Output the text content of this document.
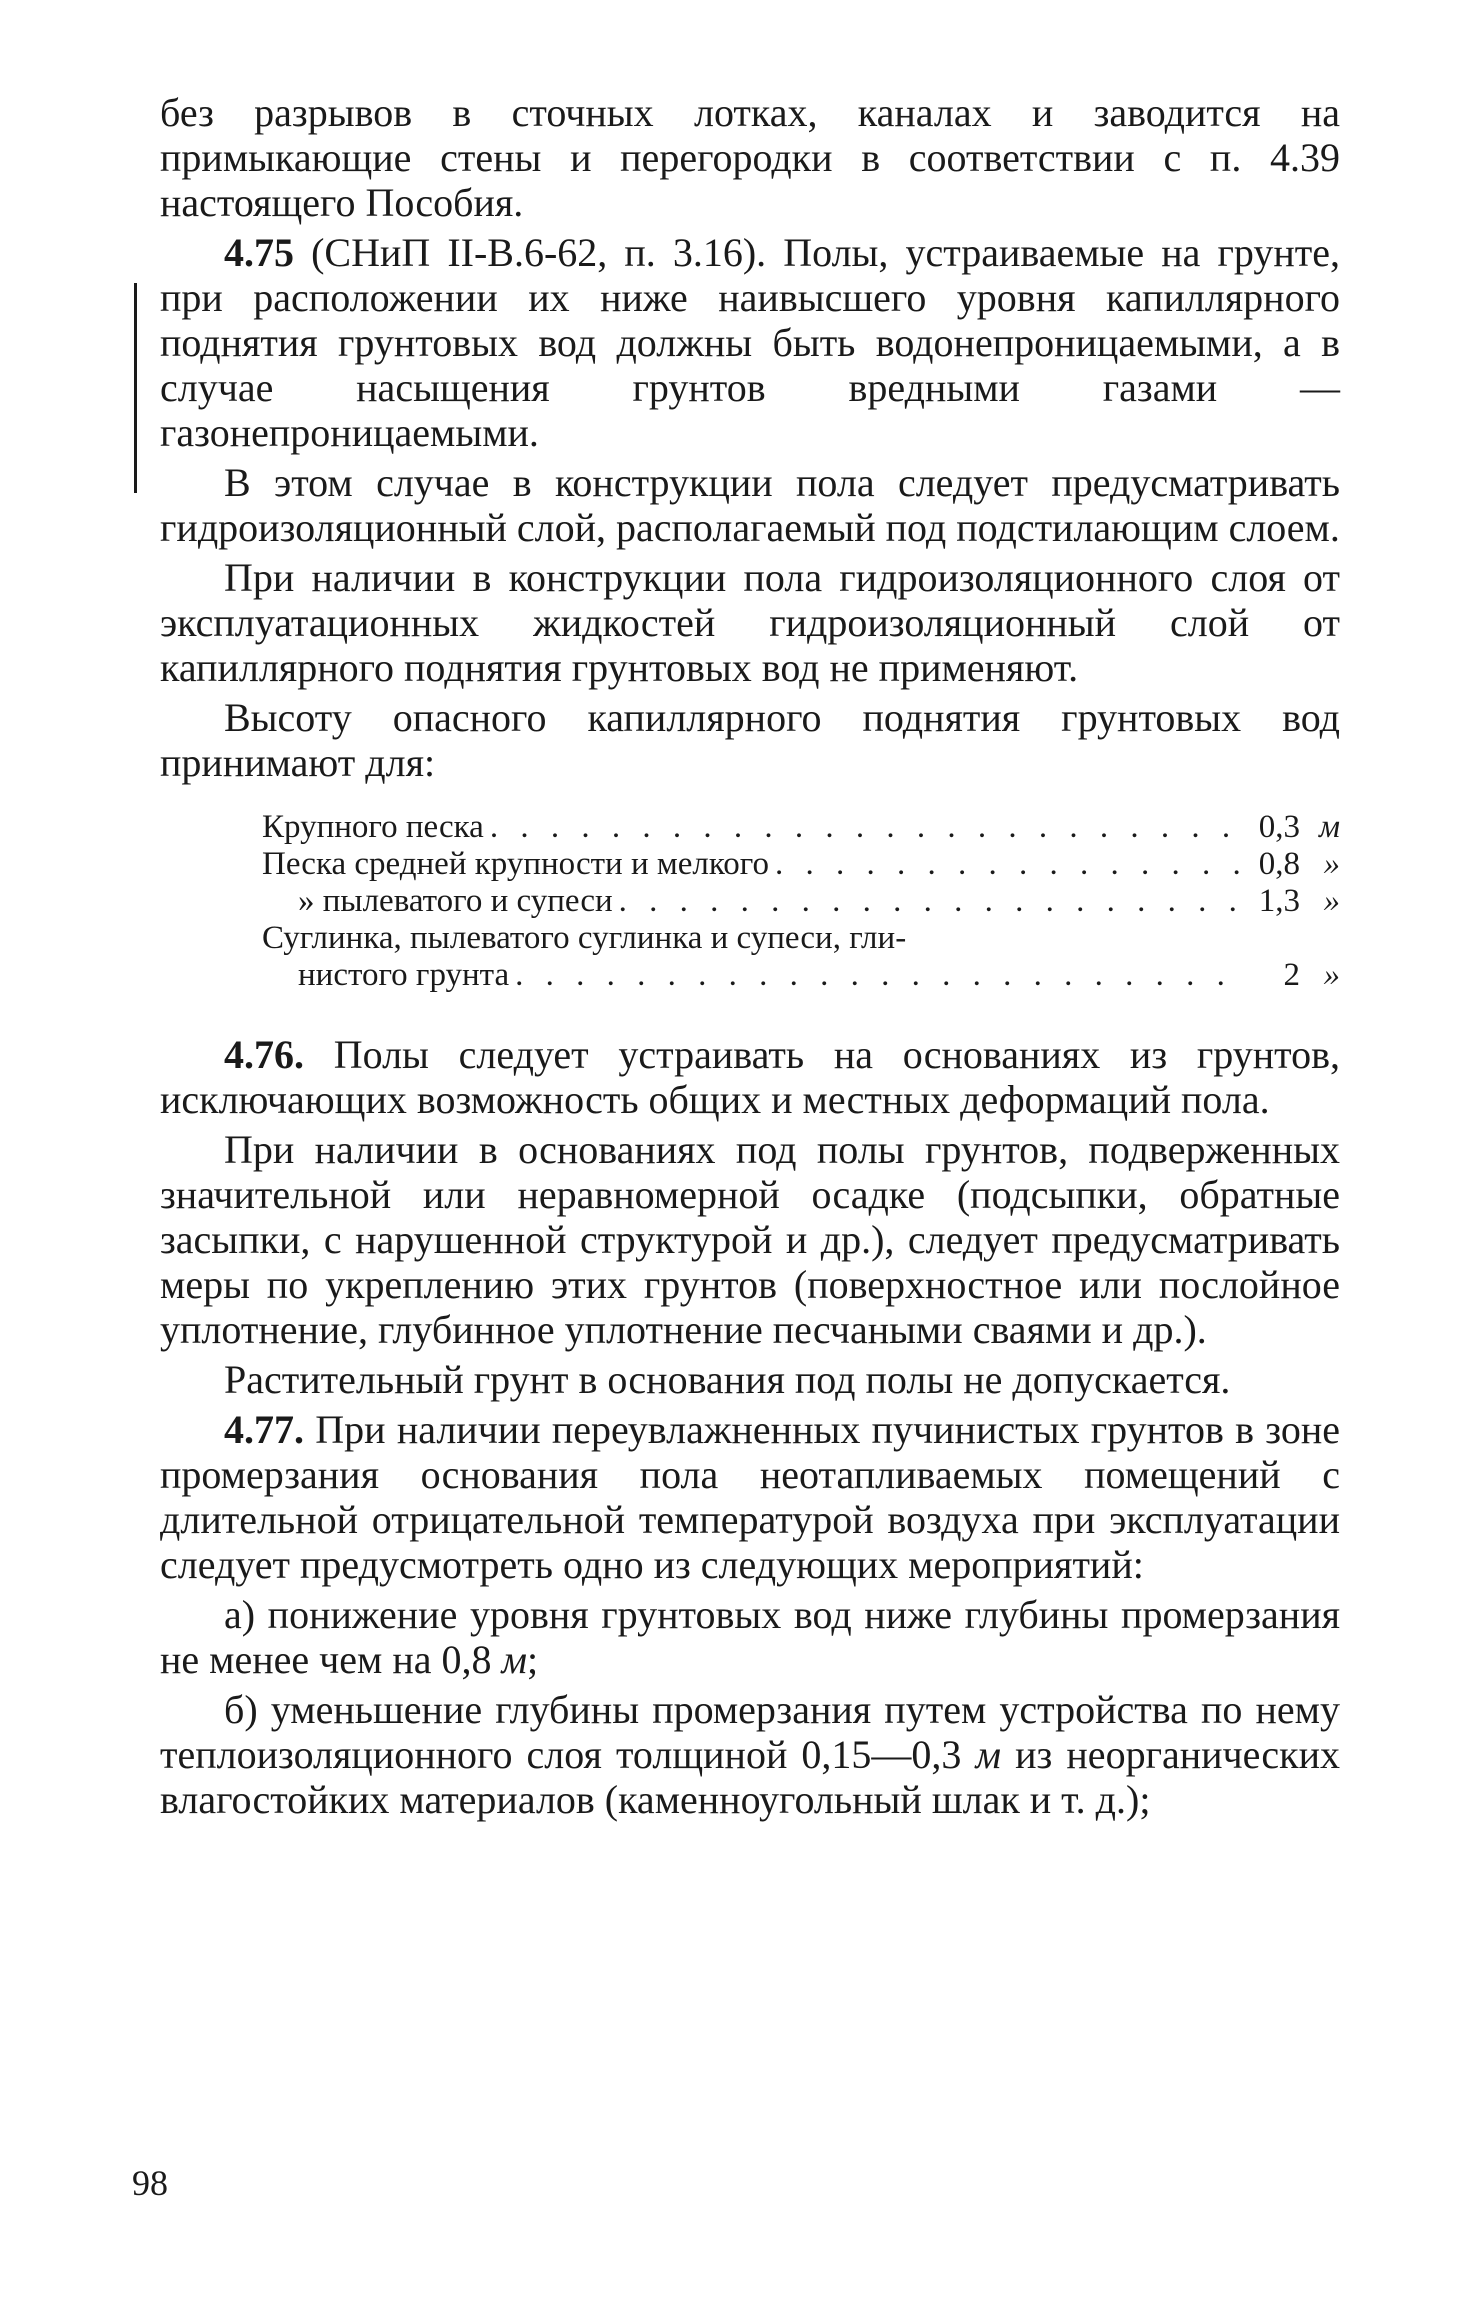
без разрывов в сточных лотках, каналах и заводится на примыкающие стены и перегородки в соответствии с п. 4.39 настоящего Пособия.

4.75 (СНиП II-В.6-62, п. 3.16). Полы, устраиваемые на грунте, при расположении их ниже наивысшего уровня капиллярного поднятия грунтовых вод должны быть водонепроницаемыми, а в случае насыщения грунтов вредными газами — газонепроницаемыми.

В этом случае в конструкции пола следует предусматривать гидроизоляционный слой, располагаемый под подстилающим слоем.

При наличии в конструкции пола гидроизоляционного слоя от эксплуатационных жидкостей гидроизоляционный слой от капиллярного поднятия грунтовых вод не применяют.

Высоту опасного капиллярного поднятия грунтовых вод принимают для:

Крупного песка . . .	0,3 м
Песка средней крупности и мелкого . . .	0,8 »
» пылеватого и супеси . . .	1,3 »
Суглинка, пылеватого суглинка и супеси, гли-
нистого грунта . . .	2 »

4.76. Полы следует устраивать на основаниях из грунтов, исключающих возможность общих и местных деформаций пола.

При наличии в основаниях под полы грунтов, подверженных значительной или неравномерной осадке (подсыпки, обратные засыпки, с нарушенной структурой и др.), следует предусматривать меры по укреплению этих грунтов (поверхностное или послойное уплотнение, глубинное уплотнение песчаными сваями и др.).

Растительный грунт в основания под полы не допускается.

4.77. При наличии переувлажненных пучинистых грунтов в зоне промерзания основания пола неотапливаемых помещений с длительной отрицательной температурой воздуха при эксплуатации следует предусмотреть одно из следующих мероприятий:

а) понижение уровня грунтовых вод ниже глубины промерзания не менее чем на 0,8 м;

б) уменьшение глубины промерзания путем устройства по нему теплоизоляционного слоя толщиной 0,15—0,3 м из неорганических влагостойких материалов (каменноугольный шлак и т. д.);

98
